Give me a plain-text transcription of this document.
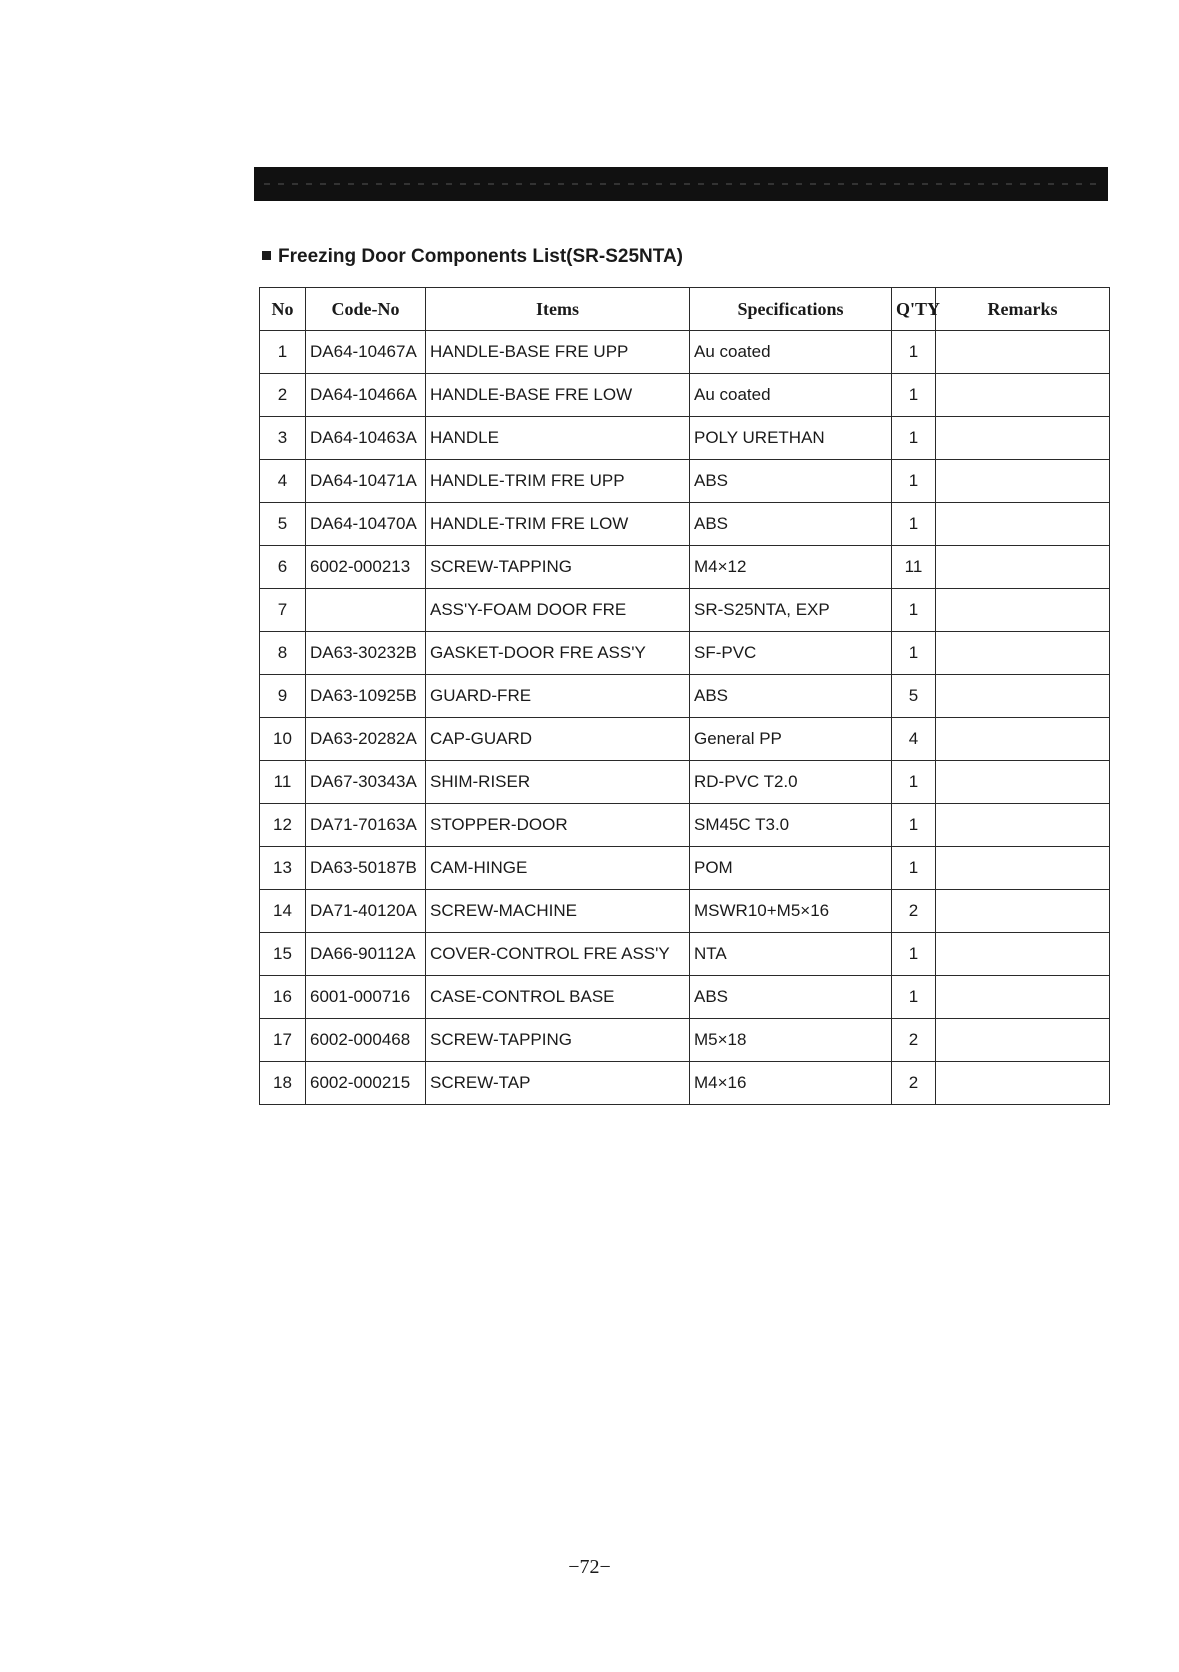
Freezing Door Components List(SR-S25NTA)
No	Code-No	Items	Specifications	Q'TY	Remarks
1	DA64-10467A	HANDLE-BASE FRE UPP	Au coated	1	
2	DA64-10466A	HANDLE-BASE FRE LOW	Au coated	1	
3	DA64-10463A	HANDLE	POLY URETHAN	1	
4	DA64-10471A	HANDLE-TRIM FRE UPP	ABS	1	
5	DA64-10470A	HANDLE-TRIM FRE LOW	ABS	1	
6	6002-000213	SCREW-TAPPING	M4×12	11	
7		ASS'Y-FOAM DOOR FRE	SR-S25NTA, EXP	1	
8	DA63-30232B	GASKET-DOOR FRE ASS'Y	SF-PVC	1	
9	DA63-10925B	GUARD-FRE	ABS	5	
10	DA63-20282A	CAP-GUARD	General PP	4	
11	DA67-30343A	SHIM-RISER	RD-PVC T2.0	1	
12	DA71-70163A	STOPPER-DOOR	SM45C T3.0	1	
13	DA63-50187B	CAM-HINGE	POM	1	
14	DA71-40120A	SCREW-MACHINE	MSWR10+M5×16	2	
15	DA66-90112A	COVER-CONTROL FRE ASS'Y	NTA	1	
16	6001-000716	CASE-CONTROL BASE	ABS	1	
17	6002-000468	SCREW-TAPPING	M5×18	2	
18	6002-000215	SCREW-TAP	M4×16	2	
−72−
